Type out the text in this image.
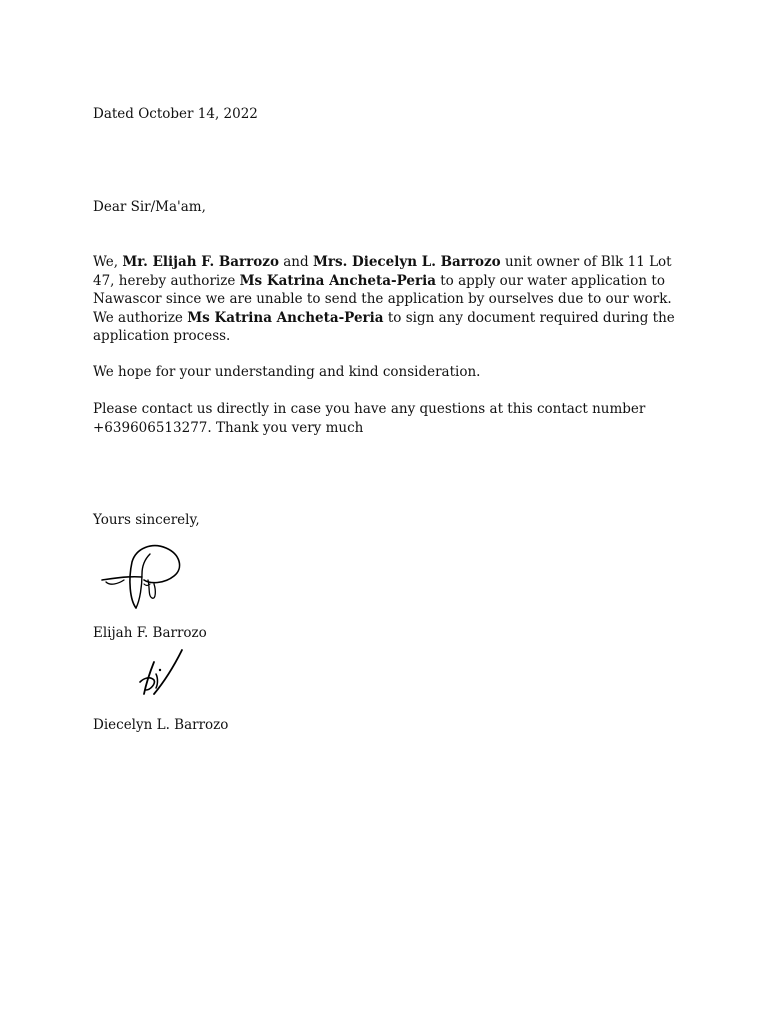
Dated October 14, 2022

Dear Sir/Ma'am,

We, Mr. Elijah F. Barrozo and Mrs. Diecelyn L. Barrozo unit owner of Blk 11 Lot 47, hereby authorize Ms Katrina Ancheta-Peria to apply our water application to Nawascor since we are unable to send the application by ourselves due to our work. We authorize Ms Katrina Ancheta-Peria to sign any document required during the application process.

We hope for your understanding and kind consideration.

Please contact us directly in case you have any questions at this contact number +639606513277. Thank you very much

Yours sincerely,

Elijah F. Barrozo

Diecelyn L. Barrozo
